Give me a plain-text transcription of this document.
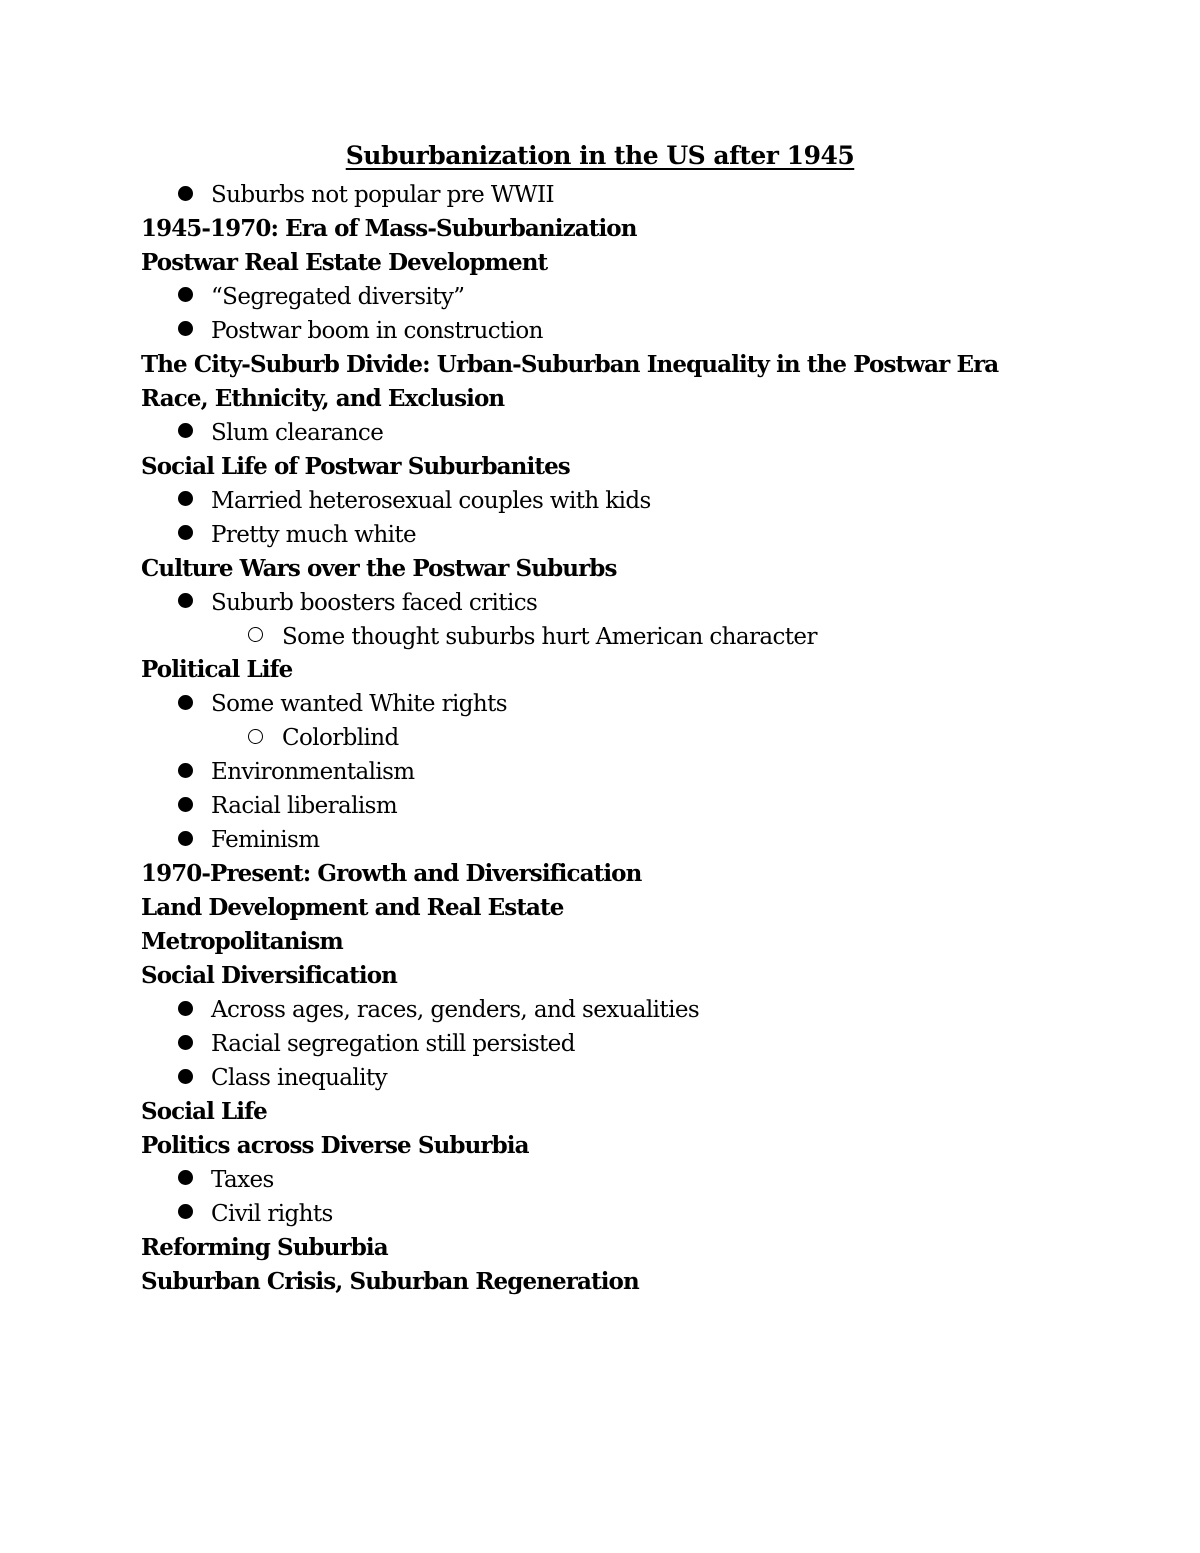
Suburbanization in the US after 1945
Suburbs not popular pre WWII
1945-1970: Era of Mass-Suburbanization
Postwar Real Estate Development
“Segregated diversity”
Postwar boom in construction
The City-Suburb Divide: Urban-Suburban Inequality in the Postwar Era
Race, Ethnicity, and Exclusion
Slum clearance
Social Life of Postwar Suburbanites
Married heterosexual couples with kids
Pretty much white
Culture Wars over the Postwar Suburbs
Suburb boosters faced critics
Some thought suburbs hurt American character
Political Life
Some wanted White rights
Colorblind
Environmentalism
Racial liberalism
Feminism
1970-Present: Growth and Diversification
Land Development and Real Estate
Metropolitanism
Social Diversification
Across ages, races, genders, and sexualities
Racial segregation still persisted
Class inequality
Social Life
Politics across Diverse Suburbia
Taxes
Civil rights
Reforming Suburbia
Suburban Crisis, Suburban Regeneration
